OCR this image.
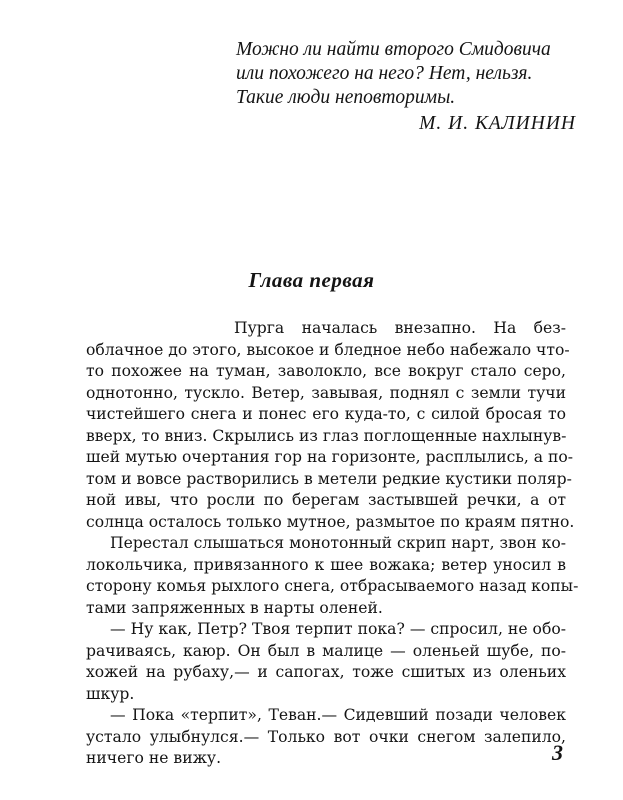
Можно ли найти второго Смидовича
или похожего на него? Нет, нельзя.
Такие люди неповторимы.
М. И. КАЛИНИН
Глава первая
Пурга началась внезапно. На без-
облачное до этого, высокое и бледное небо набежало что-
то похожее на туман, заволокло, все вокруг стало серо,
однотонно, тускло. Ветер, завывая, поднял с земли тучи
чистейшего снега и понес его куда-то, с силой бросая то
вверх, то вниз. Скрылись из глаз поглощенные нахлынув-
шей мутью очертания гор на горизонте, расплылись, а по-
том и вовсе растворились в метели редкие кустики поляр-
ной ивы, что росли по берегам застывшей речки, а от
солнца осталось только мутное, размытое по краям пятно.
Перестал слышаться монотонный скрип нарт, звон ко-
локольчика, привязанного к шее вожака; ветер уносил в
сторону комья рыхлого снега, отбрасываемого назад копы-
тами запряженных в нарты оленей.
— Ну как, Петр? Твоя терпит пока? — спросил, не обо-
рачиваясь, каюр. Он был в малице — оленьей шубе, по-
хожей на рубаху,— и сапогах, тоже сшитых из оленьих
шкур.
— Пока «терпит», Теван.— Сидевший позади человек
устало улыбнулся.— Только вот очки снегом залепило,
ничего не вижу.	3
